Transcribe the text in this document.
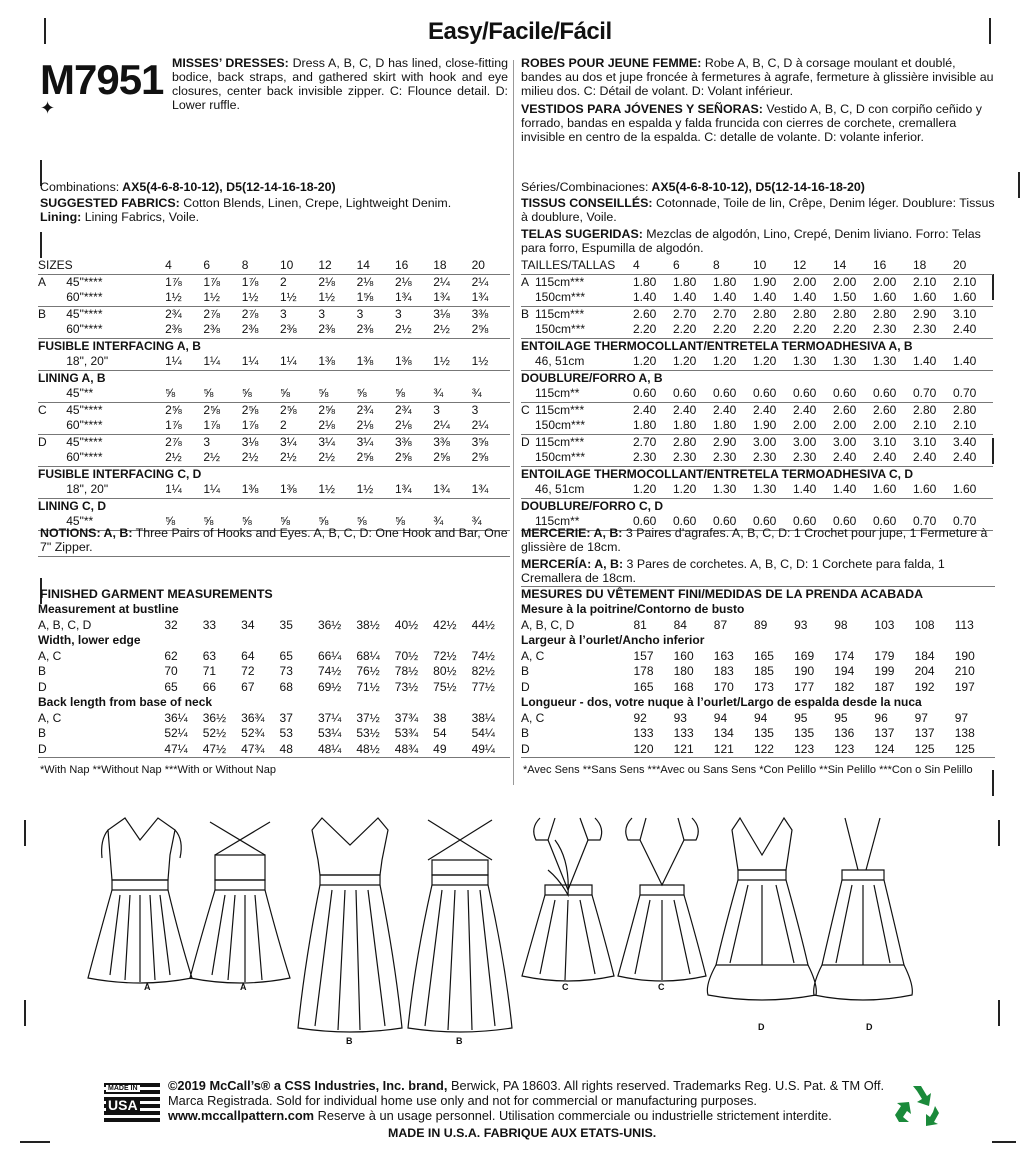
Easy/Facile/Fácil
M7951
✦
MISSES’ DRESSES: Dress A, B, C, D has lined, close-fitting bodice, back straps, and gathered skirt with hook and eye closures, center back invisible zipper. C: Flounce detail. D: Lower ruffle.
ROBES POUR JEUNE FEMME: Robe A, B, C, D à corsage moulant et doublé, bandes au dos et jupe froncée à fermetures à agrafe, fermeture à glissière invisible au milieu dos. C: Détail de volant. D: Volant inférieur.
VESTIDOS PARA JÓVENES Y SEÑORAS: Vestido A, B, C, D con corpiño ceñido y forrado, bandas en espalda y falda fruncida con cierres de corchete, cremallera invisible en centro de la espalda. C: detalle de volante. D: volante inferior.
Combinations: AX5(4-6-8-10-12), D5(12-14-16-18-20)
SUGGESTED FABRICS: Cotton Blends, Linen, Crepe, Lightweight Denim.
Lining: Lining Fabrics, Voile.
Séries/Combinaciones: AX5(4-6-8-10-12), D5(12-14-16-18-20)
TISSUS CONSEILLÉS: Cotonnade, Toile de lin, Crêpe, Denim léger. Doublure: Tissus à doublure, Voile.
TELAS SUGERIDAS: Mezclas de algodón, Lino, Crepé, Denim liviano. Forro: Telas para forro, Espumilla de algodón.
SIZES		4	6	8	10	12	14	16	18	20
A	45"****	1⅞	1⅞	1⅞	2	2⅛	2⅛	2⅛	2¼	2¼
	60"****	1½	1½	1½	1½	1½	1⅝	1¾	1¾	1¾
B	45"****	2¾	2⅞	2⅞	3	3	3	3	3⅛	3⅜
	60"****	2⅜	2⅜	2⅜	2⅜	2⅜	2⅜	2½	2½	2⅝
FUSIBLE INTERFACING A, B										
	18", 20"	1¼	1¼	1¼	1¼	1⅜	1⅜	1⅜	1½	1½
LINING A, B										
	45"**	⅝	⅝	⅝	⅝	⅝	⅝	⅝	¾	¾
C	45"****	2⅝	2⅝	2⅝	2⅝	2⅝	2¾	2¾	3	3
	60"****	1⅞	1⅞	1⅞	2	2⅛	2⅛	2⅛	2¼	2¼
D	45"****	2⅞	3	3⅛	3¼	3¼	3¼	3⅜	3⅜	3⅝
	60"****	2½	2½	2½	2½	2½	2⅝	2⅝	2⅝	2⅝
FUSIBLE INTERFACING C, D										
	18", 20"	1¼	1¼	1⅜	1⅜	1½	1½	1¾	1¾	1¾
LINING C, D										
	45"**	⅝	⅝	⅝	⅝	⅝	⅝	⅝	¾	¾
TAILLES/TALLAS		4	6	8	10	12	14	16	18	20
A	115cm***	1.80	1.80	1.80	1.90	2.00	2.00	2.00	2.10	2.10
	150cm***	1.40	1.40	1.40	1.40	1.40	1.50	1.60	1.60	1.60
B	115cm***	2.60	2.70	2.70	2.80	2.80	2.80	2.80	2.90	3.10
	150cm***	2.20	2.20	2.20	2.20	2.20	2.20	2.30	2.30	2.40
ENTOILAGE THERMOCOLLANT/ENTRETELA TERMOADHESIVA A, B										
	46, 51cm	1.20	1.20	1.20	1.20	1.30	1.30	1.30	1.40	1.40
DOUBLURE/FORRO A, B										
	115cm**	0.60	0.60	0.60	0.60	0.60	0.60	0.60	0.70	0.70
C	115cm***	2.40	2.40	2.40	2.40	2.40	2.60	2.60	2.80	2.80
	150cm***	1.80	1.80	1.80	1.90	2.00	2.00	2.00	2.10	2.10
D	115cm***	2.70	2.80	2.90	3.00	3.00	3.00	3.10	3.10	3.40
	150cm***	2.30	2.30	2.30	2.30	2.30	2.40	2.40	2.40	2.40
ENTOILAGE THERMOCOLLANT/ENTRETELA TERMOADHESIVA C, D										
	46, 51cm	1.20	1.20	1.30	1.30	1.40	1.40	1.60	1.60	1.60
DOUBLURE/FORRO C, D										
	115cm**	0.60	0.60	0.60	0.60	0.60	0.60	0.60	0.70	0.70
NOTIONS: A, B: Three Pairs of Hooks and Eyes. A, B, C, D: One Hook and Bar, One 7" Zipper.
MERCERIE: A, B: 3 Paires d’agrafes. A, B, C, D: 1 Crochet pour jupe, 1 Fermeture à glissière de 18cm.
MERCERÍA: A, B: 3 Pares de corchetes. A, B, C, D: 1 Corchete para falda, 1 Cremallera de 18cm.
FINISHED GARMENT MEASUREMENTS	MESURES DU VÊTEMENT FINI/MEDIDAS DE LA PRENDA ACABADA
Measurement at bustline									
A, B, C, D	32	33	34	35	36½	38½	40½	42½	44½
Width, lower edge									
A, C	62	63	64	65	66¼	68¼	70½	72½	74½
B	70	71	72	73	74½	76½	78½	80½	82½
D	65	66	67	68	69½	71½	73½	75½	77½
Back length from base of neck									
A, C	36¼	36½	36¾	37	37¼	37½	37¾	38	38¼
B	52¼	52½	52¾	53	53¼	53½	53¾	54	54¼
D	47¼	47½	47¾	48	48¼	48½	48¾	49	49¼
Mesure à la poitrine/Contorno de busto									
A, B, C, D	81	84	87	89	93	98	103	108	113
Largeur à l’ourlet/Ancho inferior									
A, C	157	160	163	165	169	174	179	184	190
B	178	180	183	185	190	194	199	204	210
D	165	168	170	173	177	182	187	192	197
Longueur - dos, votre nuque à l’ourlet/Largo de espalda desde la nuca									
A, C	92	93	94	94	95	95	96	97	97
B	133	133	134	135	135	136	137	137	138
D	120	121	121	122	123	123	124	125	125
*With Nap **Without Nap ***With or Without Nap	*Avec Sens **Sans Sens ***Avec ou Sans Sens *Con Pelillo **Sin Pelillo ***Con o Sin Pelillo
A	A
B	B
C	C
D	D
MADE IN
USA
©2019 McCall’s® a CSS Industries, Inc. brand, Berwick, PA 18603. All rights reserved. Trademarks Reg. U.S. Pat. & TM Off. Marca Registrada. Sold for individual home use only and not for commercial or manufacturing purposes.
www.mccallpattern.com Reserve à un usage personnel. Utilisation commerciale ou industrielle strictement interdite.
MADE IN U.S.A. FABRIQUE AUX ETATS-UNIS.
